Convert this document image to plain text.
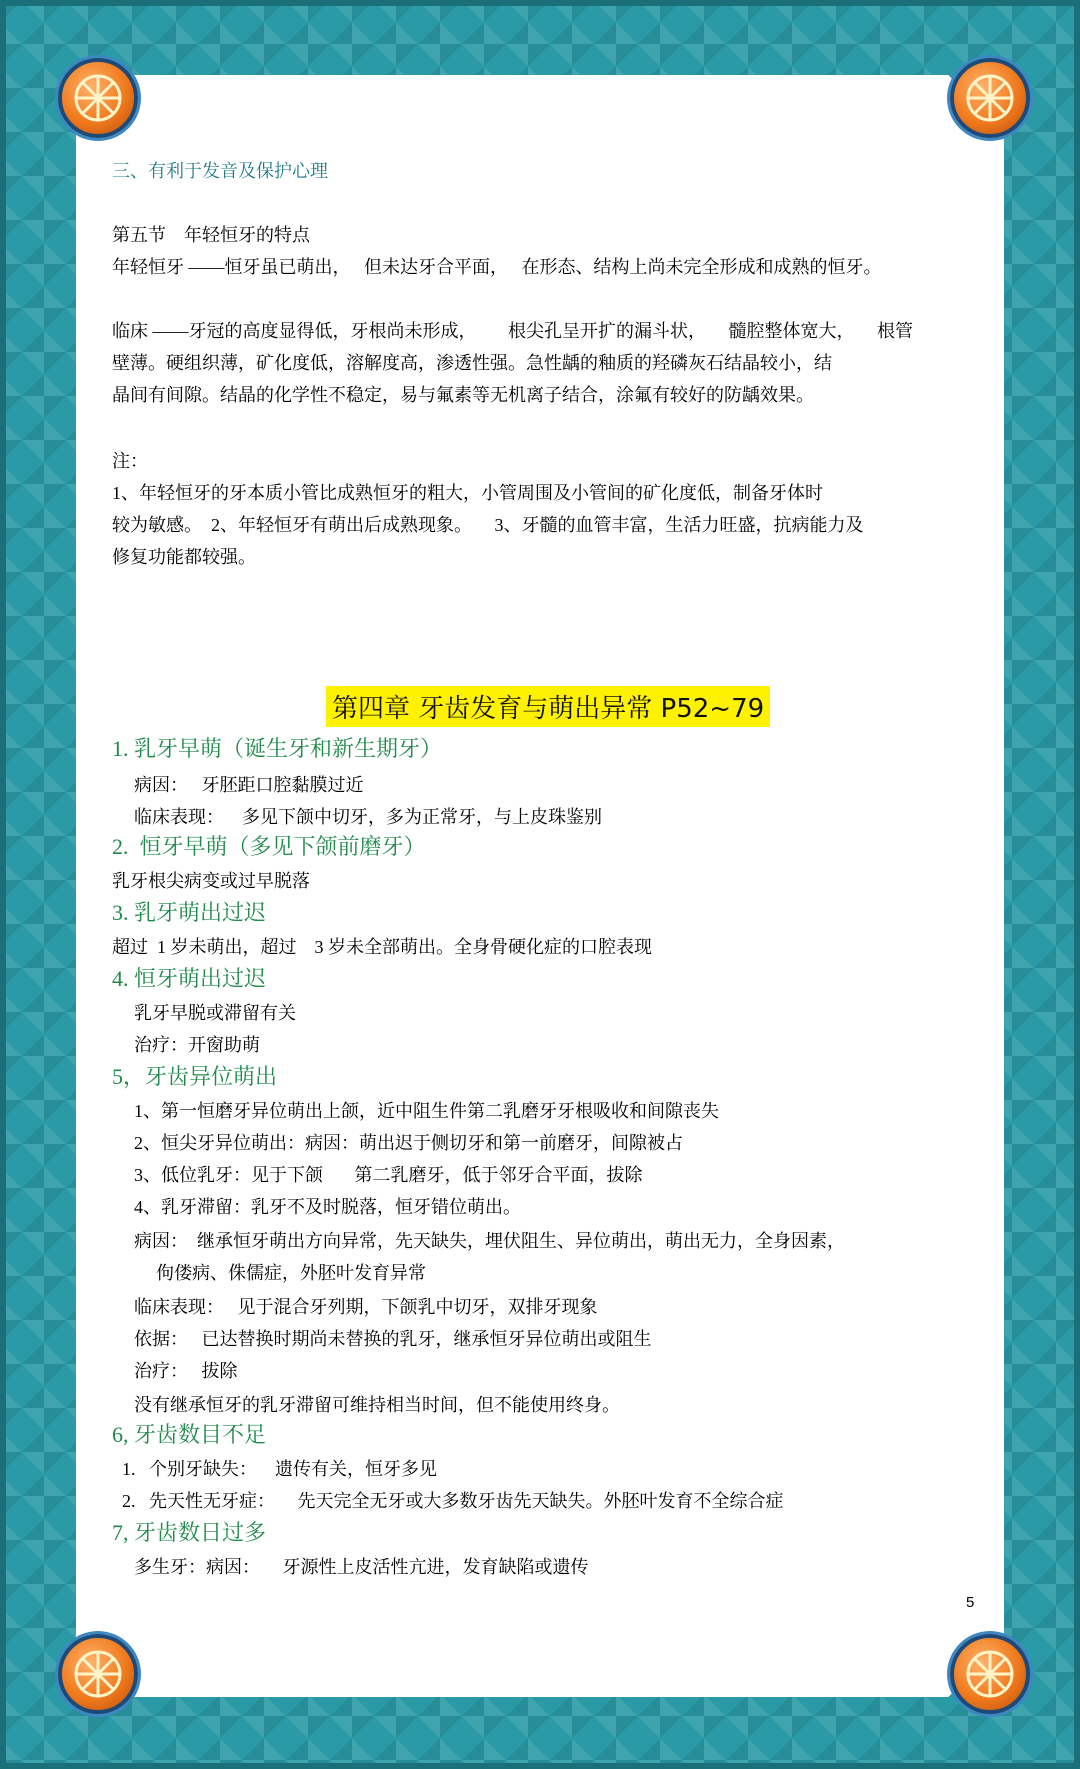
三、有利于发音及保护心理
第五节    年轻恒牙的特点
年轻恒牙 ——恒牙虽已萌出，   但未达牙合平面，   在形态、结构上尚未完全形成和成熟的恒牙。
临床 ——牙冠的高度显得低，牙根尚未形成，       根尖孔呈开扩的漏斗状，     髓腔整体宽大，     根管
壁薄。硬组织薄，矿化度低，溶解度高，渗透性强。急性龋的釉质的羟磷灰石结晶较小，结
晶间有间隙。结晶的化学性不稳定，易与氟素等无机离子结合，涂氟有较好的防龋效果。
注：
1、年轻恒牙的牙本质小管比成熟恒牙的粗大，小管周围及小管间的矿化度低，制备牙体时
较为敏感。  2、年轻恒牙有萌出后成熟现象。     3、牙髓的血管丰富，生活力旺盛，抗病能力及
修复功能都较强。
第四章 牙齿发育与萌出异常 P52~79
1. 乳牙早萌（诞生牙和新生期牙）
病因：   牙胚距口腔黏膜过近
临床表现：    多见下颌中切牙，多为正常牙，与上皮珠鉴别
2.  恒牙早萌（多见下颌前磨牙）
乳牙根尖病变或过早脱落
3. 乳牙萌出过迟
超过  1 岁未萌出，超过    3 岁未全部萌出。全身骨硬化症的口腔表现
4. 恒牙萌出过迟
乳牙早脱或滞留有关
治疗：开窗助萌
5，牙齿异位萌出
1、第一恒磨牙异位萌出上颌，近中阻生件第二乳磨牙牙根吸收和间隙丧失
2、恒尖牙异位萌出：病因：萌出迟于侧切牙和第一前磨牙，间隙被占
3、低位乳牙：见于下颌       第二乳磨牙，低于邻牙合平面，拔除
4、乳牙滞留：乳牙不及时脱落，恒牙错位萌出。
病因：  继承恒牙萌出方向异常，先天缺失，埋伏阻生、异位萌出，萌出无力，全身因素，
佝偻病、侏儒症，外胚叶发育异常
临床表现：   见于混合牙列期，下颌乳中切牙，双排牙现象
依据：   已达替换时期尚未替换的乳牙，继承恒牙异位萌出或阻生
治疗：   拔除
没有继承恒牙的乳牙滞留可维持相当时间，但不能使用终身。
6, 牙齿数目不足
1.   个别牙缺失：    遗传有关，恒牙多见
2.   先天性无牙症：     先天完全无牙或大多数牙齿先天缺失。外胚叶发育不全综合症
7, 牙齿数日过多
多生牙：病因：     牙源性上皮活性亢进，发育缺陷或遗传
5
